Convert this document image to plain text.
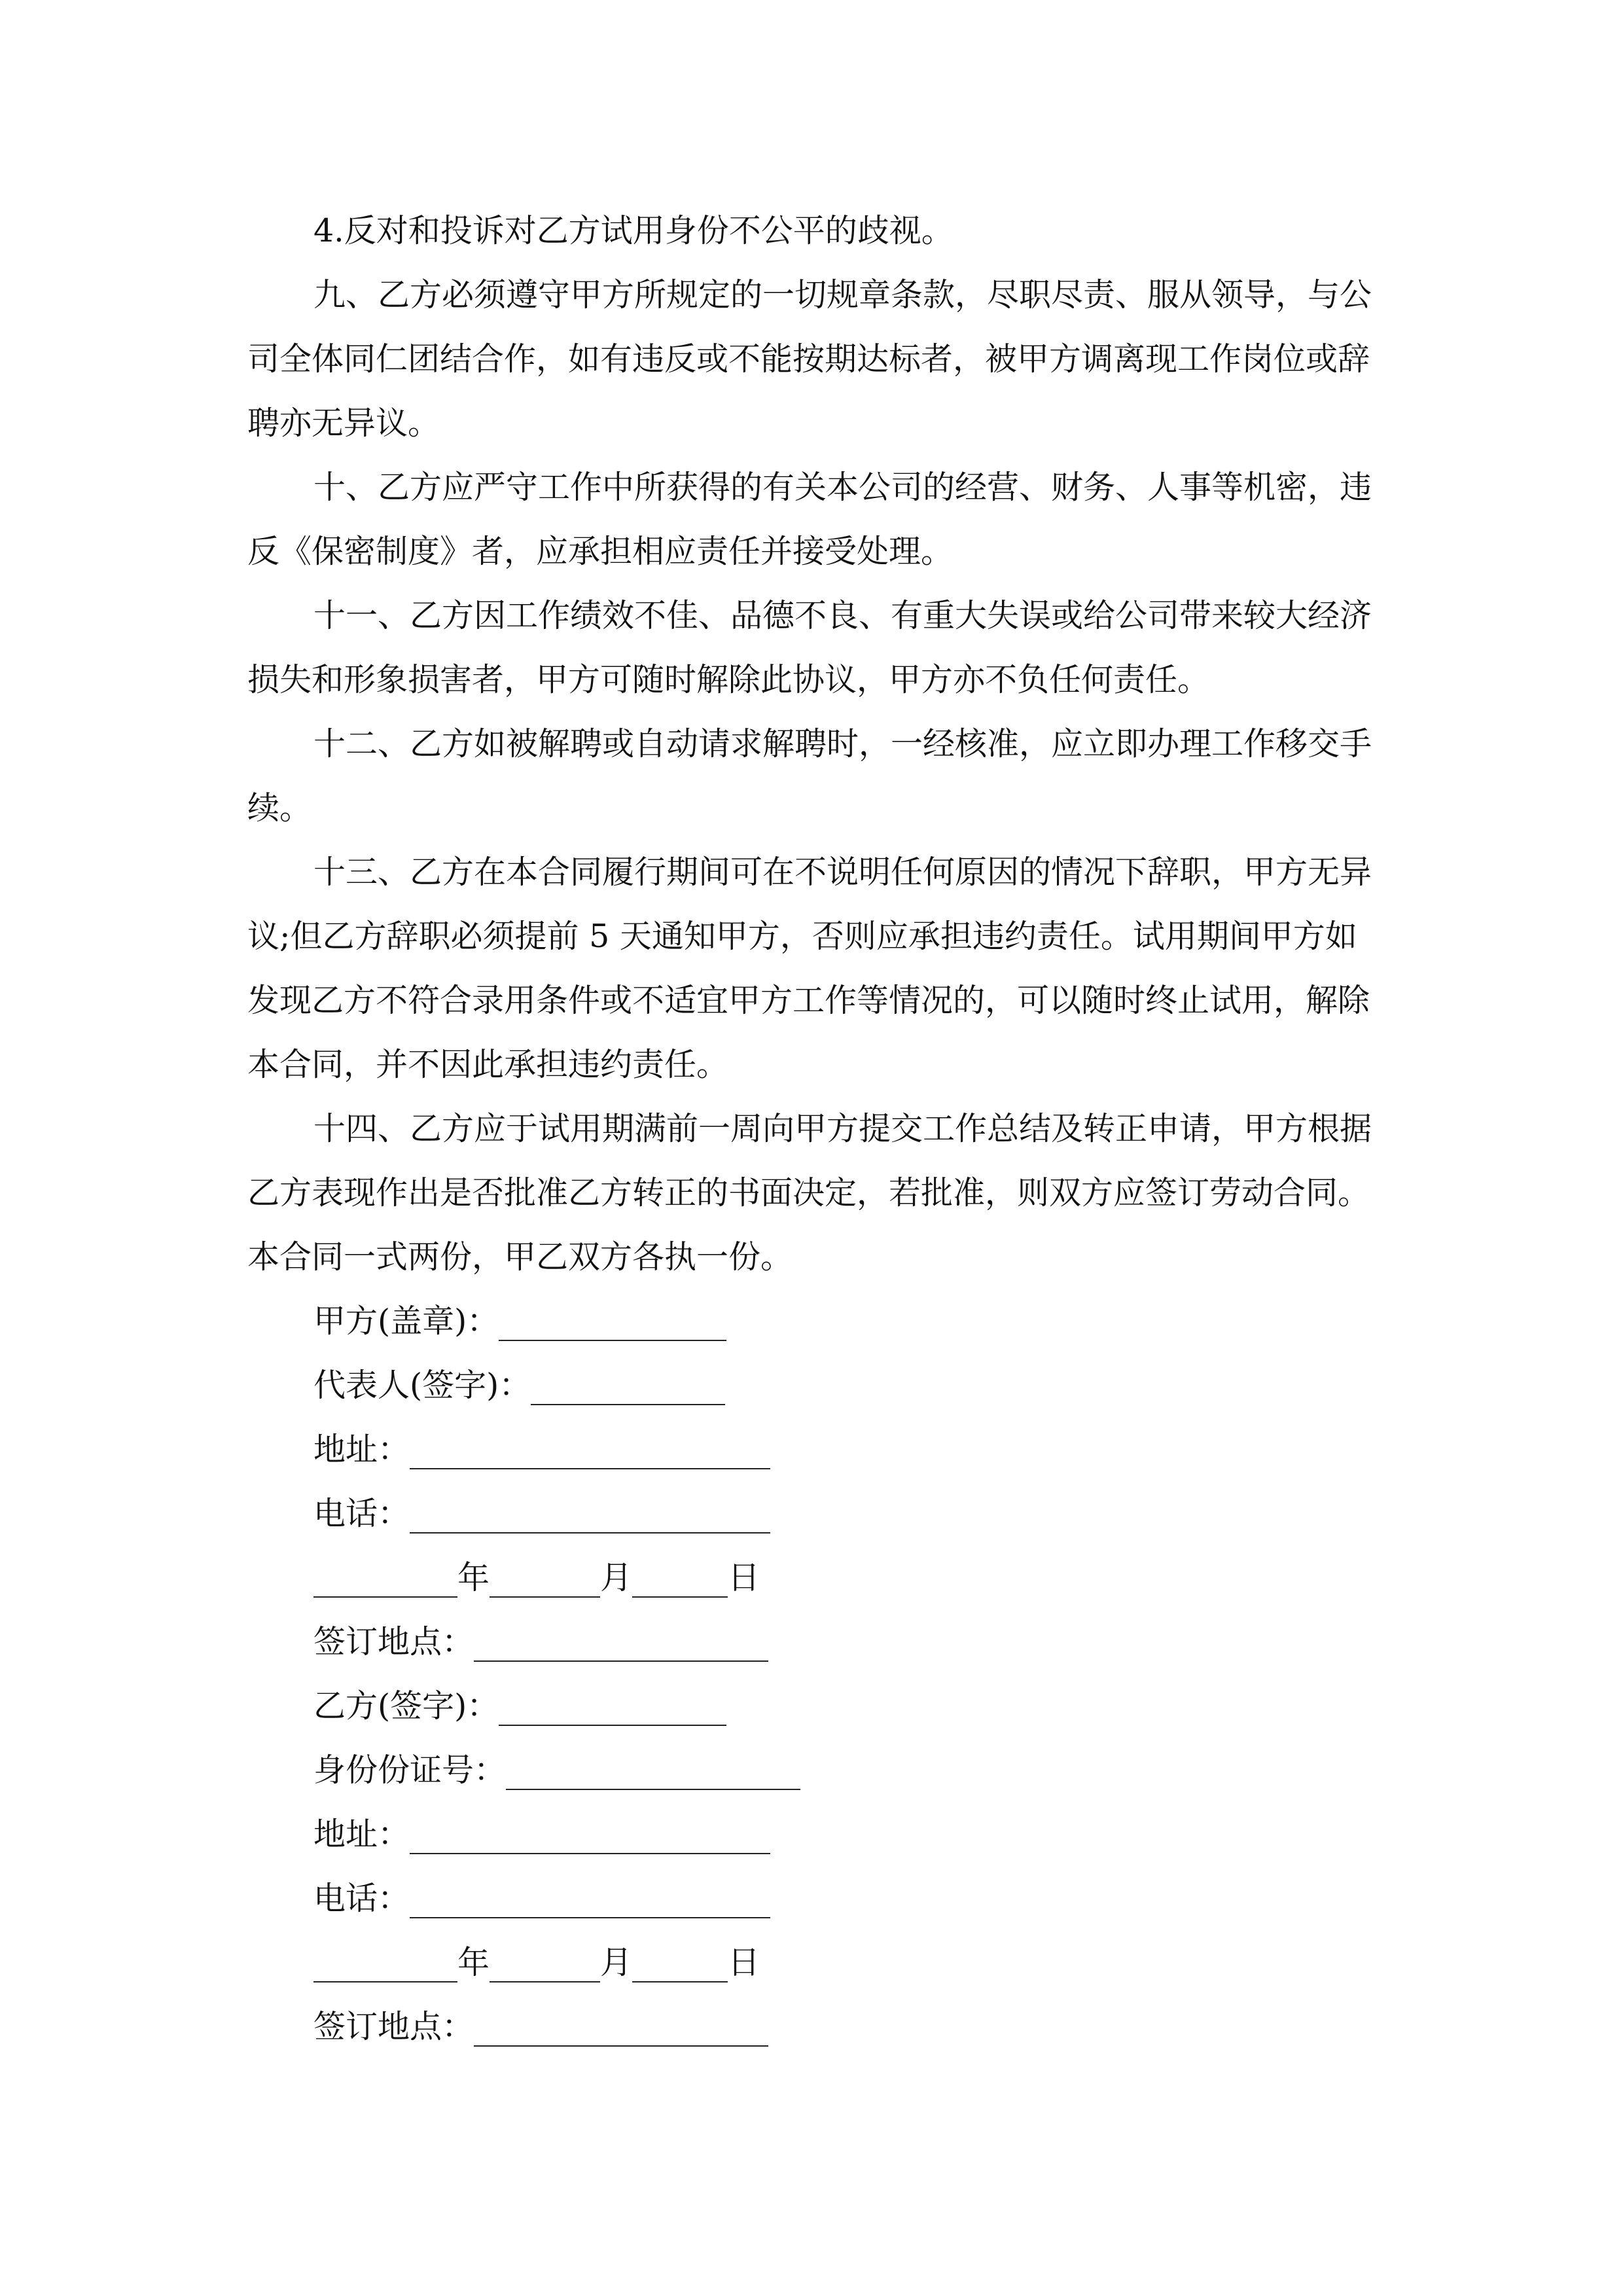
4.反对和投诉对乙方试用身份不公平的歧视。
九、乙方必须遵守甲方所规定的一切规章条款，尽职尽责、服从领导，与公
司全体同仁团结合作，如有违反或不能按期达标者，被甲方调离现工作岗位或辞
聘亦无异议。
十、乙方应严守工作中所获得的有关本公司的经营、财务、人事等机密，违
反《保密制度》者，应承担相应责任并接受处理。
十一、乙方因工作绩效不佳、品德不良、有重大失误或给公司带来较大经济
损失和形象损害者，甲方可随时解除此协议，甲方亦不负任何责任。
十二、乙方如被解聘或自动请求解聘时，一经核准，应立即办理工作移交手
续。
十三、乙方在本合同履行期间可在不说明任何原因的情况下辞职，甲方无异
议;但乙方辞职必须提前 5 天通知甲方，否则应承担违约责任。试用期间甲方如
发现乙方不符合录用条件或不适宜甲方工作等情况的，可以随时终止试用，解除
本合同，并不因此承担违约责任。
十四、乙方应于试用期满前一周向甲方提交工作总结及转正申请，甲方根据
乙方表现作出是否批准乙方转正的书面决定，若批准，则双方应签订劳动合同。
本合同一式两份，甲乙双方各执一份。
甲方(盖章)：
代表人(签字)：
地址：
电话：
年	月	日
签订地点：
乙方(签字)：
身份份证号：
地址：
电话：
年	月	日
签订地点：
